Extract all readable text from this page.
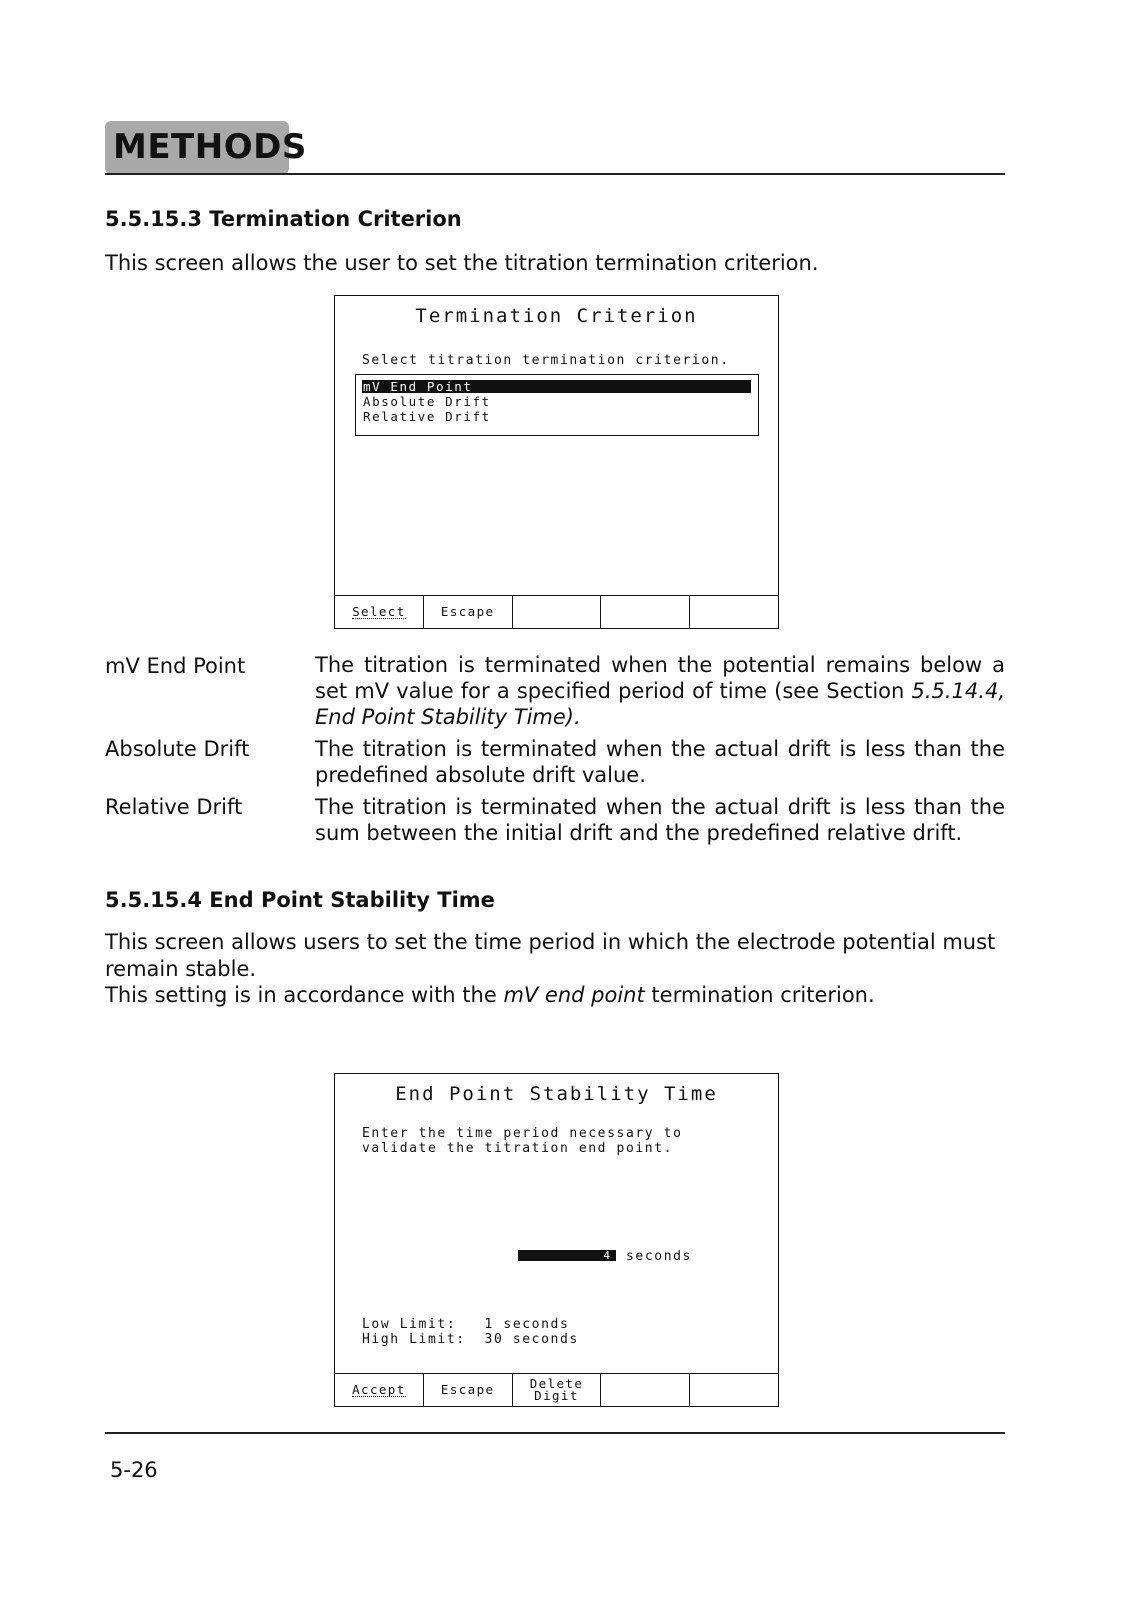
METHODS
5.5.15.3 Termination Criterion
This screen allows the user to set the titration termination criterion.
Termination Criterion
Select titration termination criterion.
mV End Point
Absolute Drift
Relative Drift
Select	Escape
mV End Point	The titration is terminated when the potential remains below a set mV value for a specified period of time (see Section 5.5.14.4, End Point Stability Time).
Absolute Drift	The titration is terminated when the actual drift is less than the predefined absolute drift value.
Relative Drift	The titration is terminated when the actual drift is less than the sum between the initial drift and the predefined relative drift.
5.5.15.4 End Point Stability Time
This screen allows users to set the time period in which the electrode potential must remain stable.
This setting is in accordance with the mV end point termination criterion.
End Point Stability Time
Enter the time period necessary to
validate the titration end point.
4	seconds
Low Limit:   1 seconds
High Limit:  30 seconds
Accept	Escape	Delete
Digit
5-26
